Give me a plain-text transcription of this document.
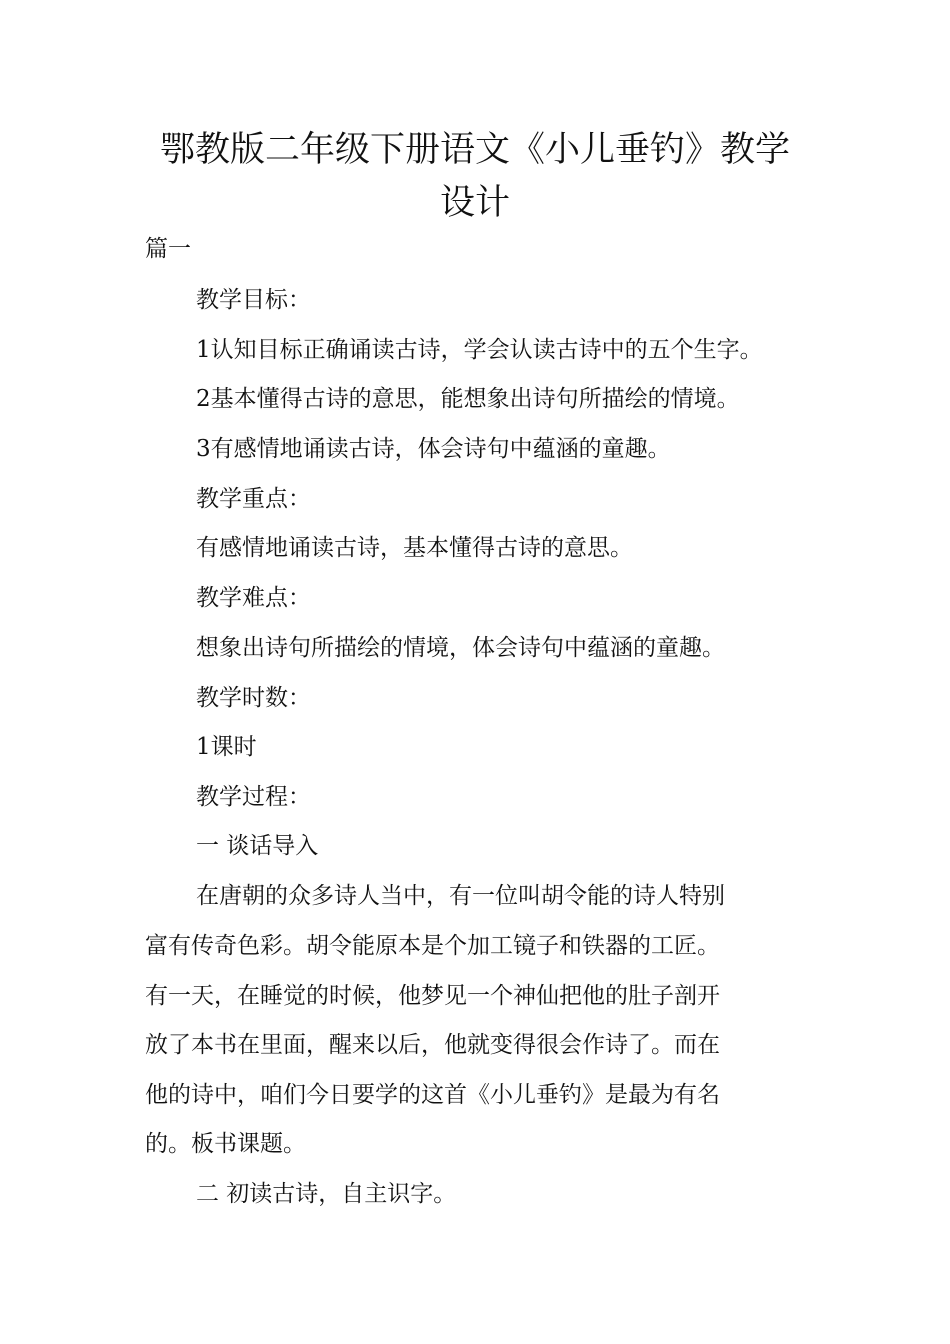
鄂教版二年级下册语文《小儿垂钓》教学
设计
篇一
教学目标：
1认知目标正确诵读古诗，学会认读古诗中的五个生字。
2基本懂得古诗的意思，能想象出诗句所描绘的情境。
3有感情地诵读古诗，体会诗句中蕴涵的童趣。
教学重点：
有感情地诵读古诗，基本懂得古诗的意思。
教学难点：
想象出诗句所描绘的情境，体会诗句中蕴涵的童趣。
教学时数：
1课时
教学过程：
一 谈话导入
在唐朝的众多诗人当中，有一位叫胡令能的诗人特别
富有传奇色彩。胡令能原本是个加工镜子和铁器的工匠。
有一天，在睡觉的时候，他梦见一个神仙把他的肚子剖开
放了本书在里面，醒来以后，他就变得很会作诗了。而在
他的诗中，咱们今日要学的这首《小儿垂钓》是最为有名
的。板书课题。
二 初读古诗，自主识字。
